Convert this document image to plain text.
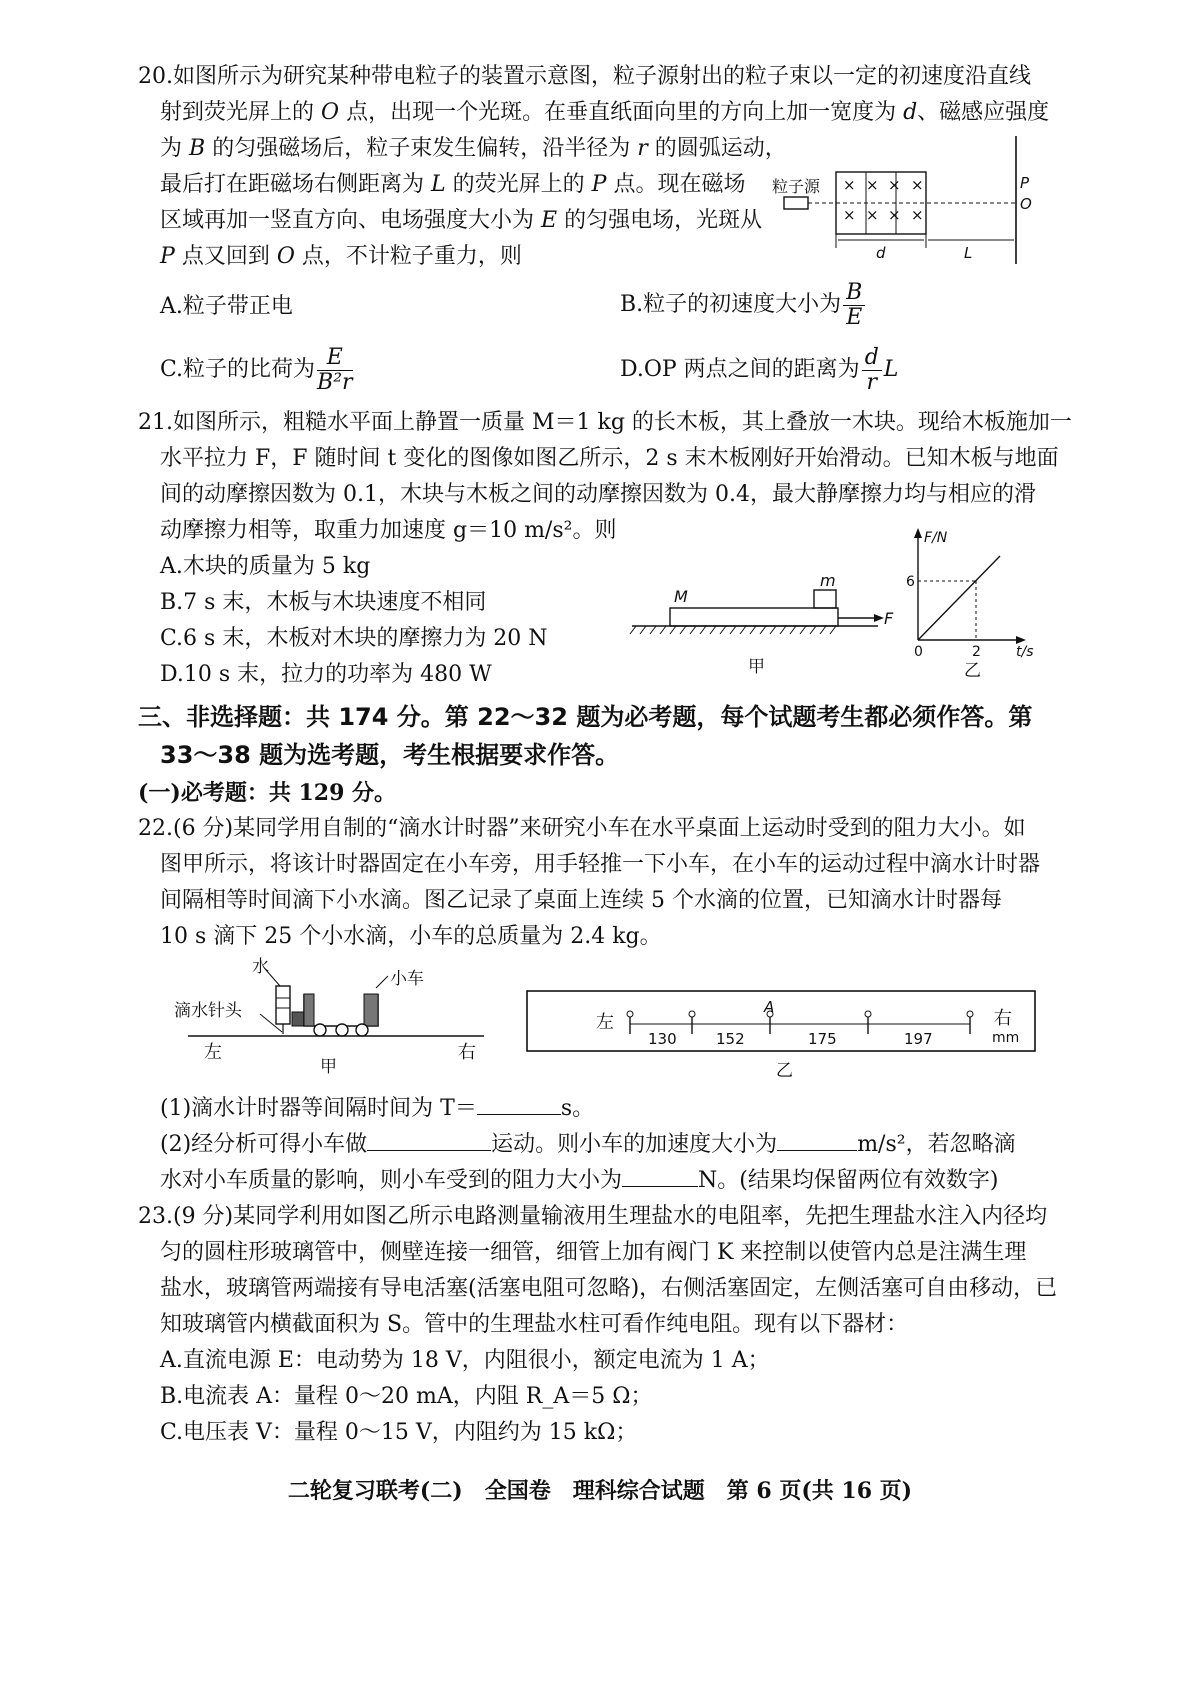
20.如图所示为研究某种带电粒子的装置示意图，粒子源射出的粒子束以一定的初速度沿直线
射到荧光屏上的 O 点，出现一个光斑。在垂直纸面向里的方向上加一宽度为 d、磁感应强度
为 B 的匀强磁场后，粒子束发生偏转，沿半径为 r 的圆弧运动，
最后打在距磁场右侧距离为 L 的荧光屏上的 P 点。现在磁场
区域再加一竖直方向、电场强度大小为 E 的匀强电场，光斑从
P 点又回到 O 点，不计粒子重力，则
粒子源 × × × ×
× × × ×
P
O
d	L
A.粒子带正电	B.粒子的初速度大小为 $\frac{B}{E}$
C.粒子的比荷为 $\frac{E}{\text{B²r}}$	D.OP 两点之间的距离为 $\frac{d}{r}$ L
21.如图所示，粗糙水平面上静置一质量 M＝1 kg 的长木板，其上叠放一木块。现给木板施加一
水平拉力 F，F 随时间 t 变化的图像如图乙所示，2 s 末木板刚好开始滑动。已知木板与地面
间的动摩擦因数为 0.1，木块与木板之间的动摩擦因数为 0.4，最大静摩擦力均与相应的滑
动摩擦力相等，取重力加速度 g＝10 m/s²。则
A.木块的质量为 5 kg
B.7 s 末，木板与木块速度不相同
C.6 s 末，木板对木块的摩擦力为 20 N
D.10 s 末，拉力的功率为 480 W
M
m
F
甲
F/N
t/s
6
2
0
乙
三、非选择题：共 174 分。第 22～32 题为必考题，每个试题考生都必须作答。第
33～38 题为选考题，考生根据要求作答。
(一)必考题：共 129 分。
22.(6 分)某同学用自制的“滴水计时器”来研究小车在水平桌面上运动时受到的阻力大小。如
图甲所示，将该计时器固定在小车旁，用手轻推一下小车，在小车的运动过程中滴水计时器
间隔相等时间滴下小水滴。图乙记录了桌面上连续 5 个水滴的位置，已知滴水计时器每
10 s 滴下 25 个小水滴，小车的总质量为 2.4 kg。
水
小车
滴水针头
左	右
甲
左	右
mm
A
130	152	175	197
乙
(1)滴水计时器等间隔时间为 T＝	s。
(2)经分析可得小车做	运动。则小车的加速度大小为	m/s²，若忽略滴
水对小车质量的影响，则小车受到的阻力大小为	N。(结果均保留两位有效数字)
23.(9 分)某同学利用如图乙所示电路测量输液用生理盐水的电阻率，先把生理盐水注入内径均
匀的圆柱形玻璃管中，侧壁连接一细管，细管上加有阀门 K 来控制以使管内总是注满生理
盐水，玻璃管两端接有导电活塞(活塞电阻可忽略)，右侧活塞固定，左侧活塞可自由移动，已
知玻璃管内横截面积为 S。管中的生理盐水柱可看作纯电阻。现有以下器材：
A.直流电源 E：电动势为 18 V，内阻很小，额定电流为 1 A；
B.电流表 A：量程 0～20 mA，内阻 R_A＝5 Ω；
C.电压表 V：量程 0～15 V，内阻约为 15 kΩ；
二轮复习联考(二)　全国卷　理科综合试题　第 6 页(共 16 页)
